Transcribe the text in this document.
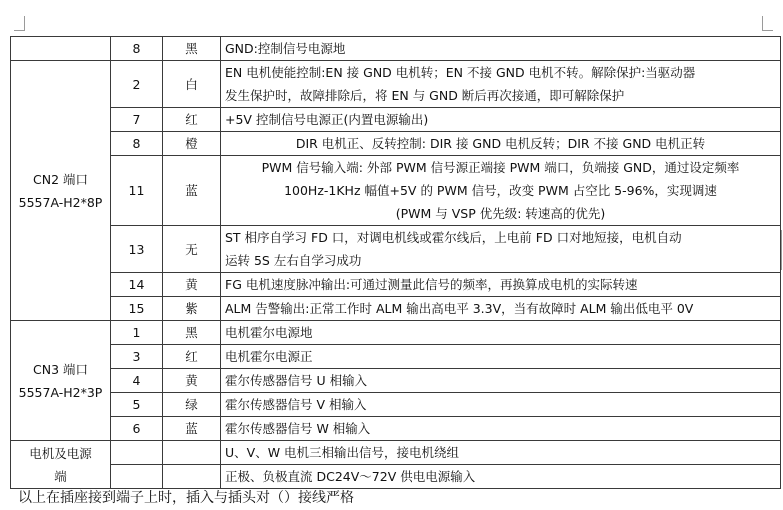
	8	黑	GND:控制信号电源地

CN2 端口
5557A-H2*8P	2	白	EN 电机使能控制:EN 接 GND 电机转；EN 不接 GND 电机不转。解除保护:当驱动器
发生保护时，故障排除后，将 EN 与 GND 断后再次接通，即可解除保护

	7	红	+5V 控制信号电源正(内置电源输出)

	8	橙	DIR 电机正、反转控制: DIR 接 GND 电机反转；DIR 不接 GND 电机正转

	11	蓝	PWM 信号输入端: 外部 PWM 信号源正端接 PWM 端口，负端接 GND，通过设定频率
100Hz-1KHz 幅值+5V 的 PWM 信号，改变 PWM 占空比 5-96%，实现调速
(PWM 与 VSP 优先级: 转速高的优先)

	13	无	ST 相序自学习 FD 口，对调电机线或霍尔线后，上电前 FD 口对地短接，电机自动
运转 5S 左右自学习成功

	14	黄	FG 电机速度脉冲输出:可通过测量此信号的频率，再换算成电机的实际转速

	15	紫	ALM 告警输出:正常工作时 ALM 输出高电平 3.3V，当有故障时 ALM 输出低电平 0V

CN3 端口
5557A-H2*3P	1	黑	电机霍尔电源地

	3	红	电机霍尔电源正

	4	黄	霍尔传感器信号 U 相输入

	5	绿	霍尔传感器信号 V 相输入

	6	蓝	霍尔传感器信号 W 相输入

电机及电源
端			U、V、W 电机三相输出信号，接电机绕组

			正极、负极直流 DC24V～72V 供电电源输入
以上在插座接到端子上时，插入与插头对（）接线严格
